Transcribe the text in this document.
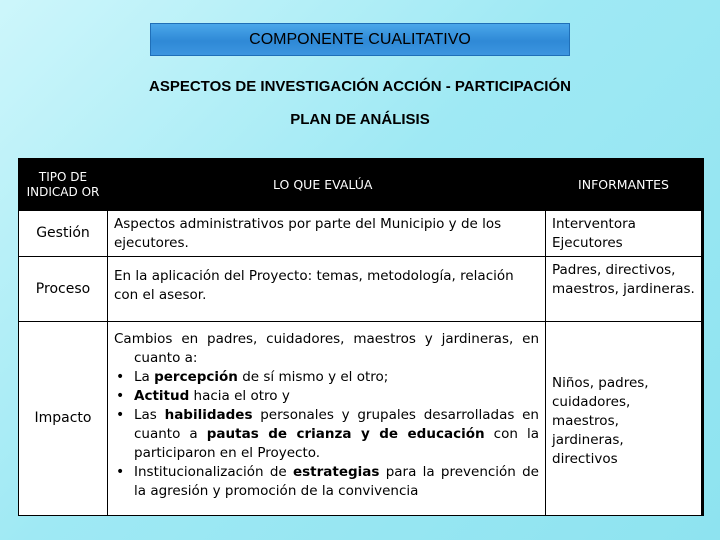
COMPONENTE CUALITATIVO
ASPECTOS DE INVESTIGACIÓN ACCIÓN - PARTICIPACIÓN
PLAN DE ANÁLISIS
TIPO DE INDICAD OR	LO QUE EVALÚA	INFORMANTES
Gestión
Aspectos administrativos por parte del Municipio y de los ejecutores.
Interventora
Ejecutores
Proceso
En la aplicación del Proyecto: temas, metodología, relación con el asesor.
Padres, directivos, maestros, jardineras.
Impacto
Cambios en padres, cuidadores, maestros y jardineras, en cuanto a:
• La percepción de sí mismo y el otro;
• Actitud hacia el otro y
• Las habilidades personales y grupales desarrolladas en cuanto a pautas de crianza y de educación con la participaron en el Proyecto.
• Institucionalización de estrategias para la prevención de la agresión y promoción de la convivencia
Niños, padres, cuidadores, maestros, jardineras, directivos
